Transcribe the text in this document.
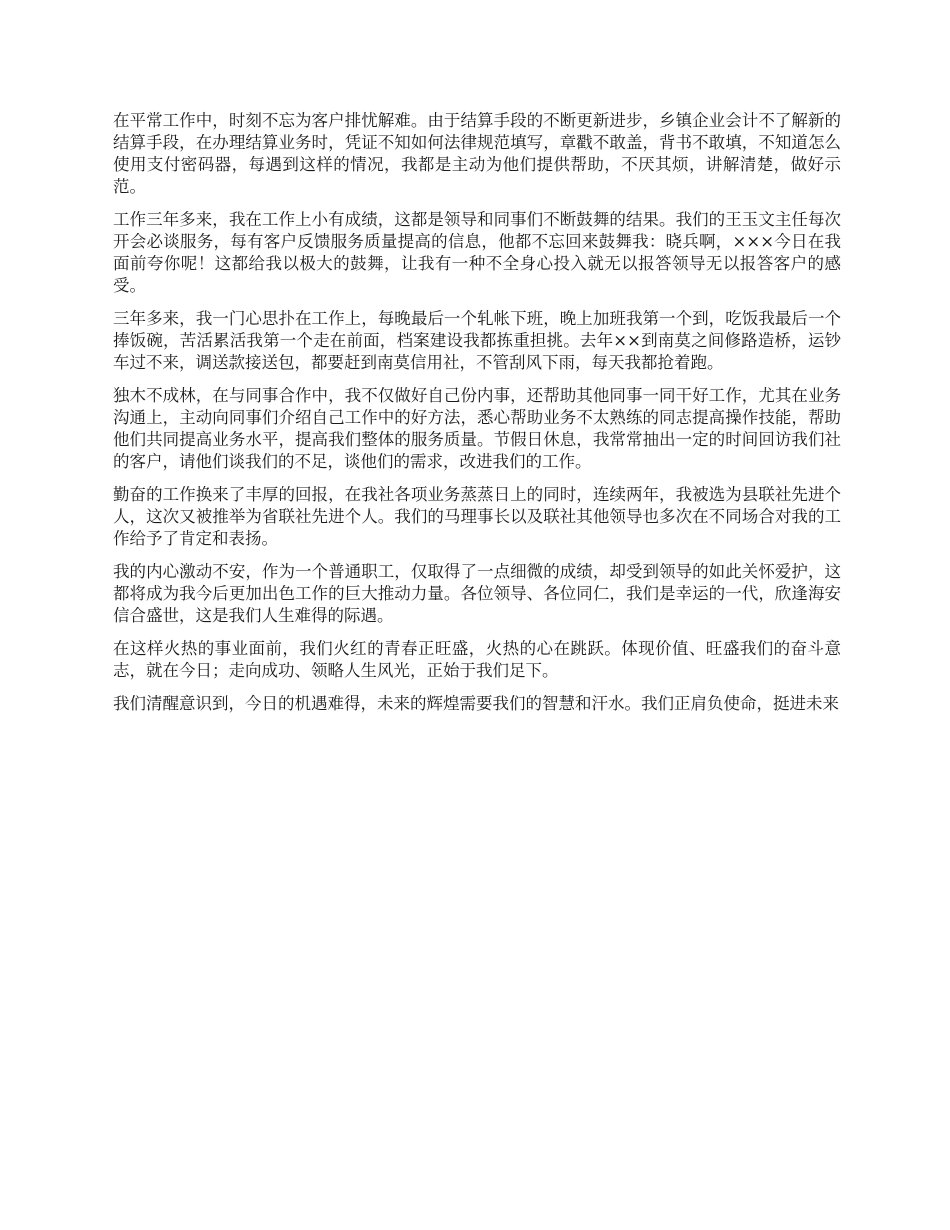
在平常工作中，时刻不忘为客户排忧解难。由于结算手段的不断更新进步，乡镇企业会计不了解新的结算手段，在办理结算业务时，凭证不知如何法律规范填写，章戳不敢盖，背书不敢填，不知道怎么使用支付密码器，每遇到这样的情况，我都是主动为他们提供帮助，不厌其烦，讲解清楚，做好示范。

工作三年多来，我在工作上小有成绩，这都是领导和同事们不断鼓舞的结果。我们的王玉文主任每次开会必谈服务，每有客户反馈服务质量提高的信息，他都不忘回来鼓舞我：晓兵啊，×××今日在我面前夸你呢！这都给我以极大的鼓舞，让我有一种不全身心投入就无以报答领导无以报答客户的感受。

三年多来，我一门心思扑在工作上，每晚最后一个轧帐下班，晚上加班我第一个到，吃饭我最后一个捧饭碗，苦活累活我第一个走在前面，档案建设我都拣重担挑。去年××到南莫之间修路造桥，运钞车过不来，调送款接送包，都要赶到南莫信用社，不管刮风下雨，每天我都抢着跑。

独木不成林，在与同事合作中，我不仅做好自己份内事，还帮助其他同事一同干好工作，尤其在业务沟通上，主动向同事们介绍自己工作中的好方法，悉心帮助业务不太熟练的同志提高操作技能，帮助他们共同提高业务水平，提高我们整体的服务质量。节假日休息，我常常抽出一定的时间回访我们社的客户，请他们谈我们的不足，谈他们的需求，改进我们的工作。

勤奋的工作换来了丰厚的回报，在我社各项业务蒸蒸日上的同时，连续两年，我被选为县联社先进个人，这次又被推举为省联社先进个人。我们的马理事长以及联社其他领导也多次在不同场合对我的工作给予了肯定和表扬。

我的内心激动不安，作为一个普通职工，仅取得了一点细微的成绩，却受到领导的如此关怀爱护，这都将成为我今后更加出色工作的巨大推动力量。各位领导、各位同仁，我们是幸运的一代，欣逢海安信合盛世，这是我们人生难得的际遇。

在这样火热的事业面前，我们火红的青春正旺盛，火热的心在跳跃。体现价值、旺盛我们的奋斗意志，就在今日；走向成功、领略人生风光，正始于我们足下。

我们清醒意识到，今日的机遇难得，未来的辉煌需要我们的智慧和汗水。我们正肩负使命，挺进未来
